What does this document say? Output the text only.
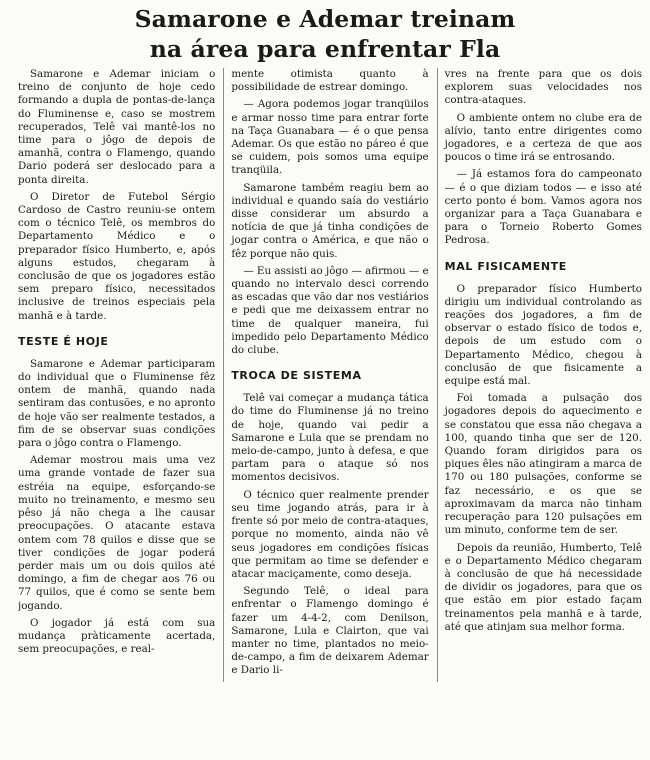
Samarone e Ademar treinam
na área para enfrentar Fla

Samarone e Ademar iniciam o treino de conjunto de hoje cedo formando a dupla de pontas-de-lança do Fluminense e, caso se mostrem recuperados, Telê vai mantê-los no time para o jôgo de depois de amanhã, contra o Flamengo, quando Dario poderá ser deslocado para a ponta direita.

O Diretor de Futebol Sérgio Cardoso de Castro reuniu-se ontem com o técnico Telê, os membros do Departamento Médico e o preparador físico Humberto, e, após alguns estudos, chegaram à conclusão de que os jogadores estão sem preparo físico, necessitados inclusive de treinos especiais pela manhã e à tarde.

TESTE É HOJE

Samarone e Ademar participaram do individual que o Fluminense fêz ontem de manhã, quando nada sentiram das contusões, e no apronto de hoje vão ser realmente testados, a fim de se observar suas condições para o jôgo contra o Flamengo.

Ademar mostrou mais uma vez uma grande vontade de fazer sua estréia na equipe, esforçando-se muito no treinamento, e mesmo seu pêso já não chega a lhe causar preocupações. O atacante estava ontem com 78 quilos e disse que se tiver condições de jogar poderá perder mais um ou dois quilos até domingo, a fim de chegar aos 76 ou 77 quilos, que é como se sente bem jogando.

O jogador já está com sua mudança pràticamente acertada, sem preocupações, e real-

mente otimista quanto à possibilidade de estrear domingo.

— Agora podemos jogar tranqüilos e armar nosso time para entrar forte na Taça Guanabara — é o que pensa Ademar. Os que estão no páreo é que se cuidem, pois somos uma equipe tranqüila.

Samarone também reagiu bem ao individual e quando saía do vestiário disse considerar um absurdo a notícia de que já tinha condições de jogar contra o América, e que não o fêz porque não quis.

— Eu assisti ao jôgo — afirmou — e quando no intervalo desci correndo as escadas que vão dar nos vestiários e pedi que me deixassem entrar no time de qualquer maneira, fui impedido pelo Departamento Médico do clube.

TROCA DE SISTEMA

Telê vai começar a mudança tática do time do Fluminense já no treino de hoje, quando vai pedir a Samarone e Lula que se prendam no meio-de-campo, junto à defesa, e que partam para o ataque só nos momentos decisivos.

O técnico quer realmente prender seu time jogando atrás, para ir à frente só por meio de contra-ataques, porque no momento, ainda não vê seus jogadores em condições físicas que permitam ao time se defender e atacar maciçamente, como deseja.

Segundo Telê, o ideal para enfrentar o Flamengo domingo é fazer um 4-4-2, com Denilson, Samarone, Lula e Clairton, que vai manter no time, plantados no meio-de-campo, a fim de deixarem Ademar e Dario li-

vres na frente para que os dois explorem suas velocidades nos contra-ataques.

O ambiente ontem no clube era de alívio, tanto entre dirigentes como jogadores, e a certeza de que aos poucos o time irá se entrosando.

— Já estamos fora do campeonato — é o que diziam todos — e isso até certo ponto é bom. Vamos agora nos organizar para a Taça Guanabara e para o Torneio Roberto Gomes Pedrosa.

MAL FISICAMENTE

O preparador físico Humberto dirigiu um individual controlando as reações dos jogadores, a fim de observar o estado físico de todos e, depois de um estudo com o Departamento Médico, chegou à conclusão de que fisicamente a equipe está mal.

Foi tomada a pulsação dos jogadores depois do aquecimento e se constatou que essa não chegava a 100, quando tinha que ser de 120. Quando foram dirigidos para os piques êles não atingiram a marca de 170 ou 180 pulsações, conforme se faz necessário, e os que se aproximavam da marca não tinham recuperação para 120 pulsações em um minuto, conforme tem de ser.

Depois da reunião, Humberto, Telê e o Departamento Médico chegaram à conclusão de que há necessidade de dividir os jogadores, para que os que estão em pior estado façam treinamentos pela manhã e à tarde, até que atinjam sua melhor forma.
